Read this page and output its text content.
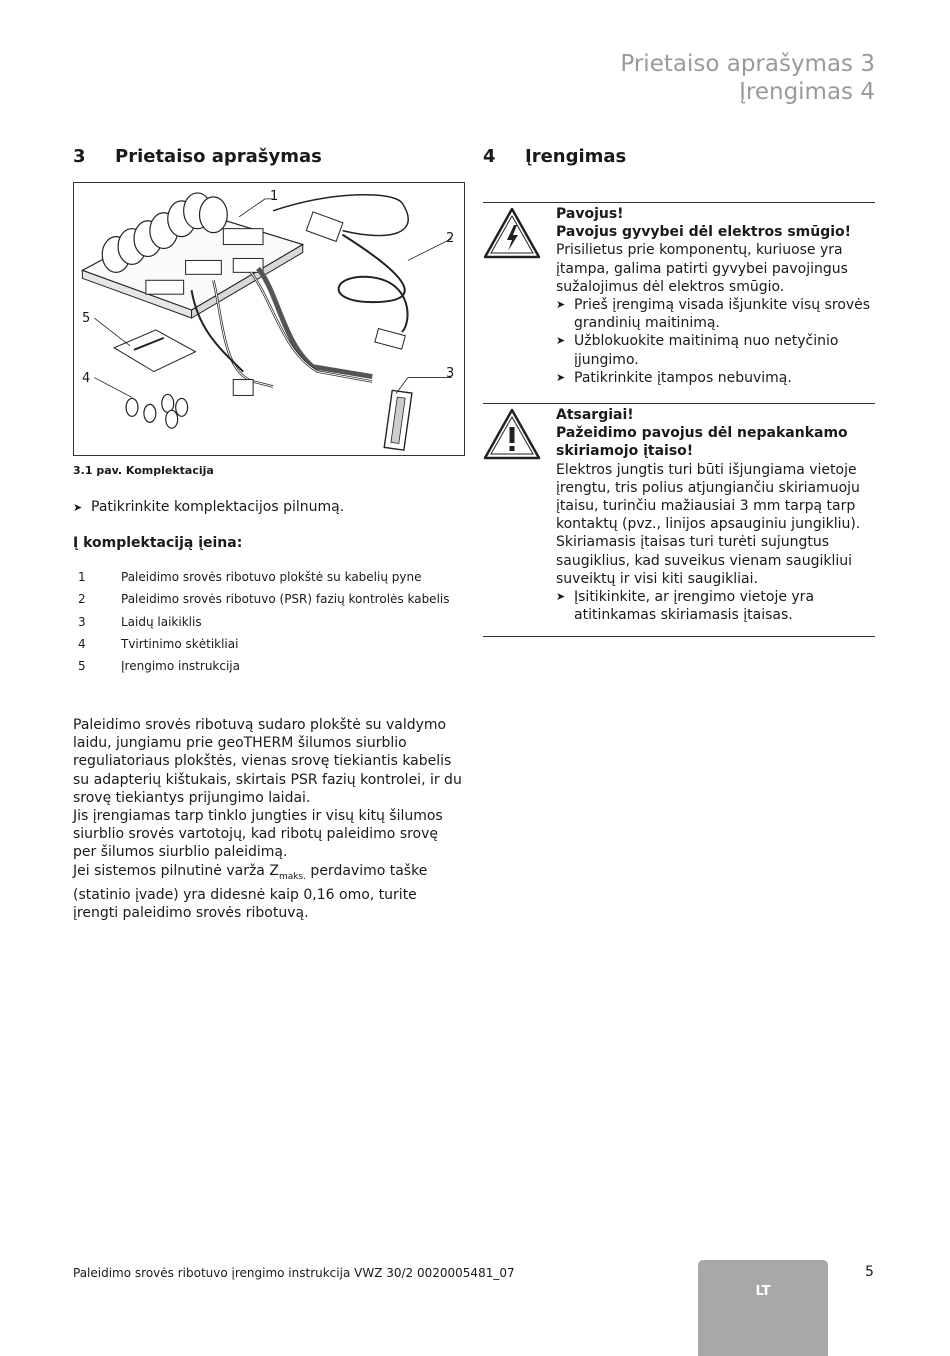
Prietaiso aprašymas 3
Įrengimas 4
3 Prietaiso aprašymas	4 Įrengimas
1
2
3
4
5
3.1 pav. Komplektacija
➤ Patikrinkite komplektacijos pilnumą.
Į komplektaciją įeina:
1	Paleidimo srovės ribotuvo plokštė su kabelių pyne
2	Paleidimo srovės ribotuvo (PSR) fazių kontrolės kabelis
3	Laidų laikiklis
4	Tvirtinimo skėtikliai
5	Įrengimo instrukcija

Paleidimo srovės ribotuvą sudaro plokštė su valdymo laidu, jungiamu prie geoTHERM šilumos siurblio reguliatoriaus plokštės, vienas srovę tiekiantis kabelis su adapterių kištukais, skirtais PSR fazių kontrolei, ir du srovę tiekiantys prijungimo laidai.

Jis įrengiamas tarp tinklo jungties ir visų kitų šilumos siurblio srovės vartotojų, kad ribotų paleidimo srovę per šilumos siurblio paleidimą.

Jei sistemos pilnutinė varža $Z_{maks.}$ perdavimo taške (statinio įvade) yra didesnė kaip 0,16 omo, turite įrengti paleidimo srovės ribotuvą.

Pavojus!
Pavojus gyvybei dėl elektros smūgio!
Prisilietus prie komponentų, kuriuose yra įtampa, galima patirti gyvybei pavojingus sužalojimus dėl elektros smūgio.
➤ Prieš įrengimą visada išjunkite visų srovės grandinių maitinimą.
➤ Užblokuokite maitinimą nuo netyčinio įjungimo.
➤ Patikrinkite įtampos nebuvimą.
Atsargiai!
Pažeidimo pavojus dėl nepakankamo skiriamojo įtaiso!
Elektros jungtis turi būti išjungiama vietoje įrengtu, tris polius atjungiančiu skiriamuoju įtaisu, turinčiu mažiausiai 3 mm tarpą tarp kontaktų (pvz., linijos apsauginiu jungikliu).
Skiriamasis įtaisas turi turėti sujungtus saugiklius, kad suveikus vienam saugikliui suveiktų ir visi kiti saugikliai.
➤ Įsitikinkite, ar įrengimo vietoje yra atitinkamas skiriamasis įtaisas.
Paleidimo srovės ribotuvo įrengimo instrukcija VWZ 30/2 0020005481_07
LT
5
